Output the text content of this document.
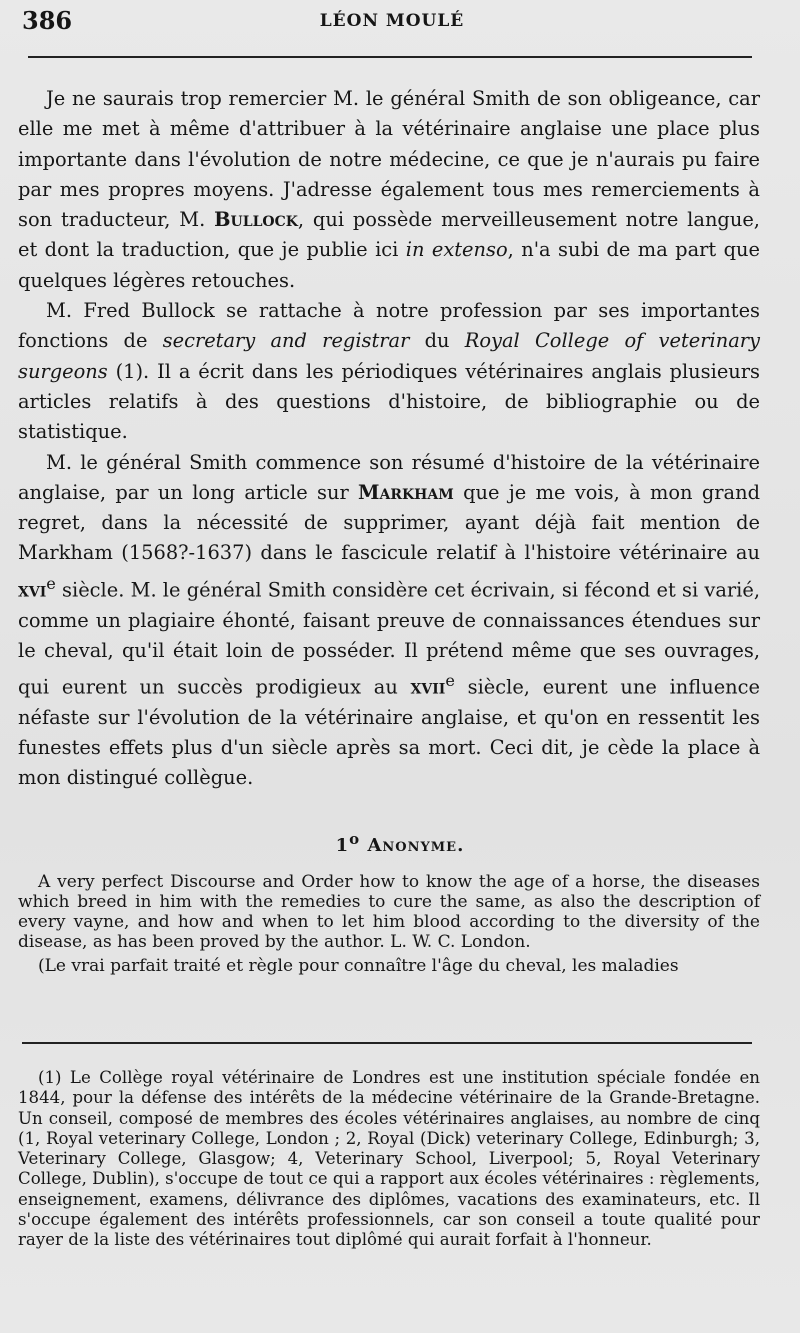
386	LÉON MOULÉ

Je ne saurais trop remercier M. le général Smith de son obligeance, car elle me met à même d'attribuer à la vétérinaire anglaise une place plus importante dans l'évolution de notre médecine, ce que je n'aurais pu faire par mes propres moyens. J'adresse également tous mes remerciements à son traducteur, M. Bullock, qui possède merveilleusement notre langue, et dont la traduction, que je publie ici in extenso, n'a subi de ma part que quelques légères retouches.

M. Fred Bullock se rattache à notre profession par ses importantes fonctions de secretary and registrar du Royal College of veterinary surgeons (1). Il a écrit dans les périodiques vétérinaires anglais plusieurs articles relatifs à des questions d'histoire, de bibliographie ou de statistique.

M. le général Smith commence son résumé d'histoire de la vétérinaire anglaise, par un long article sur Markham que je me vois, à mon grand regret, dans la nécessité de supprimer, ayant déjà fait mention de Markham (1568?-1637) dans le fascicule relatif à l'histoire vétérinaire au xvi$^e$ siècle. M. le général Smith considère cet écrivain, si fécond et si varié, comme un plagiaire éhonté, faisant preuve de connaissances étendues sur le cheval, qu'il était loin de posséder. Il prétend même que ses ouvrages, qui eurent un succès prodigieux au xvii$^e$ siècle, eurent une influence néfaste sur l'évolution de la vétérinaire anglaise, et qu'on en ressentit les funestes effets plus d'un siècle après sa mort. Ceci dit, je cède la place à mon distingué collègue.

1$^o$ Anonyme.

A very perfect Discourse and Order how to know the age of a horse, the diseases which breed in him with the remedies to cure the same, as also the description of every vayne, and how and when to let him blood according to the diversity of the disease, as has been proved by the author. L. W. C. London.

(Le vrai parfait traité et règle pour connaître l'âge du cheval, les maladies

(1) Le Collège royal vétérinaire de Londres est une institution spéciale fondée en 1844, pour la défense des intérêts de la médecine vétérinaire de la Grande-Bretagne. Un conseil, composé de membres des écoles vétérinaires anglaises, au nombre de cinq (1, Royal veterinary College, London ; 2, Royal (Dick) veterinary College, Edinburgh; 3, Veterinary College, Glasgow; 4, Veterinary School, Liverpool; 5, Royal Veterinary College, Dublin), s'occupe de tout ce qui a rapport aux écoles vétérinaires : règlements, enseignement, examens, délivrance des diplômes, vacations des examinateurs, etc. Il s'occupe également des intérêts professionnels, car son conseil a toute qualité pour rayer de la liste des vétérinaires tout diplômé qui aurait forfait à l'honneur.
